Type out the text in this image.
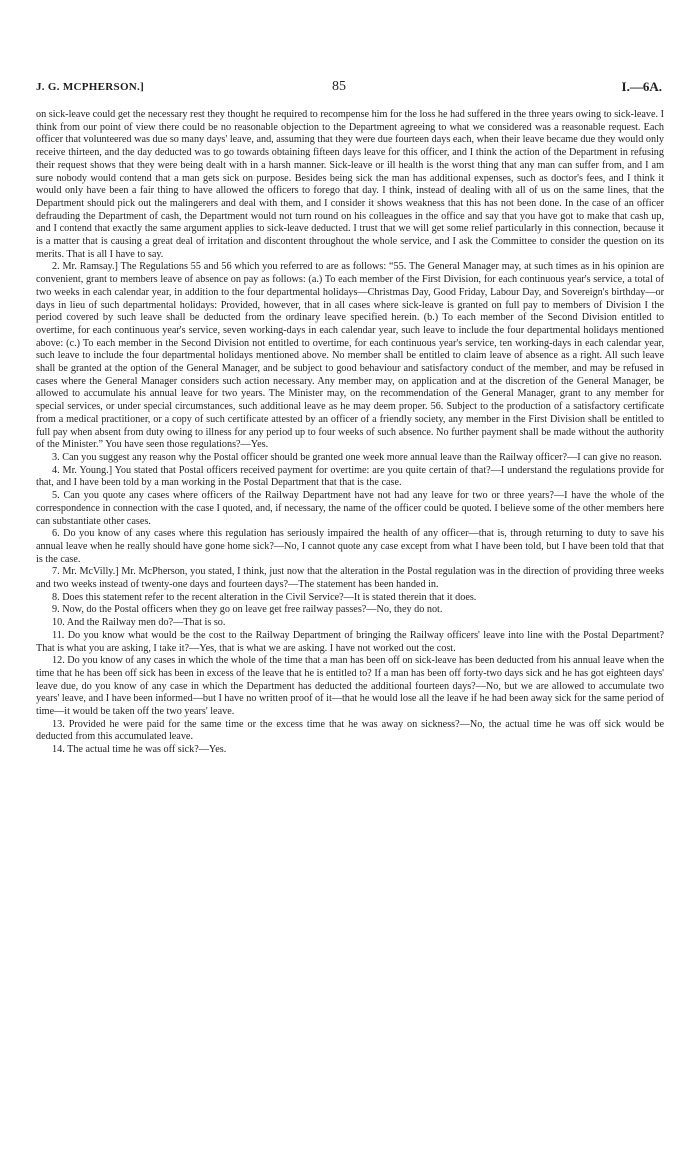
J. G. MCPHERSON.]	85	I.—6A.

on sick-leave could get the necessary rest they thought he required to recompense him for the loss he had suffered in the three years owing to sick-leave. I think from our point of view there could be no reasonable objection to the Department agreeing to what we considered was a reasonable request. Each officer that volunteered was due so many days' leave, and, assuming that they were due fourteen days each, when their leave became due they would only receive thirteen, and the day deducted was to go towards obtaining fifteen days leave for this officer, and I think the action of the Department in refusing their request shows that they were being dealt with in a harsh manner. Sick-leave or ill health is the worst thing that any man can suffer from, and I am sure nobody would contend that a man gets sick on purpose. Besides being sick the man has additional expenses, such as doctor's fees, and I think it would only have been a fair thing to have allowed the officers to forego that day. I think, instead of dealing with all of us on the same lines, that the Department should pick out the malingerers and deal with them, and I consider it shows weakness that this has not been done. In the case of an officer defrauding the Department of cash, the Department would not turn round on his colleagues in the office and say that you have got to make that cash up, and I contend that exactly the same argument applies to sick-leave deducted. I trust that we will get some relief particularly in this connection, because it is a matter that is causing a great deal of irritation and discontent throughout the whole service, and I ask the Committee to consider the question on its merits. That is all I have to say.

2. Mr. Ramsay.] The Regulations 55 and 56 which you referred to are as follows: “55. The General Manager may, at such times as in his opinion are convenient, grant to members leave of absence on pay as follows: (a.) To each member of the First Division, for each continuous year's service, a total of two weeks in each calendar year, in addition to the four departmental holidays—Christmas Day, Good Friday, Labour Day, and Sovereign's birthday—or days in lieu of such departmental holidays: Provided, however, that in all cases where sick-leave is granted on full pay to members of Division I the period covered by such leave shall be deducted from the ordinary leave specified herein. (b.) To each member of the Second Division entitled to overtime, for each continuous year's service, seven working-days in each calendar year, such leave to include the four departmental holidays mentioned above: (c.) To each member in the Second Division not entitled to overtime, for each continuous year's service, ten working-days in each calendar year, such leave to include the four departmental holidays mentioned above. No member shall be entitled to claim leave of absence as a right. All such leave shall be granted at the option of the General Manager, and be subject to good behaviour and satisfactory conduct of the member, and may be refused in cases where the General Manager considers such action necessary. Any member may, on application and at the discretion of the General Manager, be allowed to accumulate his annual leave for two years. The Minister may, on the recommendation of the General Manager, grant to any member for special services, or under special circumstances, such additional leave as he may deem proper. 56. Subject to the production of a satisfactory certificate from a medical practitioner, or a copy of such certificate attested by an officer of a friendly society, any member in the First Division shall be entitled to full pay when absent from duty owing to illness for any period up to four weeks of such absence. No further payment shall be made without the authority of the Minister.” You have seen those regulations?—Yes.

3. Can you suggest any reason why the Postal officer should be granted one week more annual leave than the Railway officer?—I can give no reason.

4. Mr. Young.] You stated that Postal officers received payment for overtime: are you quite certain of that?—I understand the regulations provide for that, and I have been told by a man working in the Postal Department that that is the case.

5. Can you quote any cases where officers of the Railway Department have not had any leave for two or three years?—I have the whole of the correspondence in connection with the case I quoted, and, if necessary, the name of the officer could be quoted. I believe some of the other members here can substantiate other cases.

6. Do you know of any cases where this regulation has seriously impaired the health of any officer—that is, through returning to duty to save his annual leave when he really should have gone home sick?—No, I cannot quote any case except from what I have been told, but I have been told that that is the case.

7. Mr. McVilly.] Mr. McPherson, you stated, I think, just now that the alteration in the Postal regulation was in the direction of providing three weeks and two weeks instead of twenty-one days and fourteen days?—The statement has been handed in.

8. Does this statement refer to the recent alteration in the Civil Service?—It is stated therein that it does.

9. Now, do the Postal officers when they go on leave get free railway passes?—No, they do not.

10. And the Railway men do?—That is so.

11. Do you know what would be the cost to the Railway Department of bringing the Railway officers' leave into line with the Postal Department? That is what you are asking, I take it?—Yes, that is what we are asking. I have not worked out the cost.

12. Do you know of any cases in which the whole of the time that a man has been off on sick-leave has been deducted from his annual leave when the time that he has been off sick has been in excess of the leave that he is entitled to? If a man has been off forty-two days sick and he has got eighteen days' leave due, do you know of any case in which the Department has deducted the additional fourteen days?—No, but we are allowed to accumulate two years' leave, and I have been informed—but I have no written proof of it—that he would lose all the leave if he had been away sick for the same period of time—it would be taken off the two years' leave.

13. Provided he were paid for the same time or the excess time that he was away on sickness?—No, the actual time he was off sick would be deducted from this accumulated leave.

14. The actual time he was off sick?—Yes.
